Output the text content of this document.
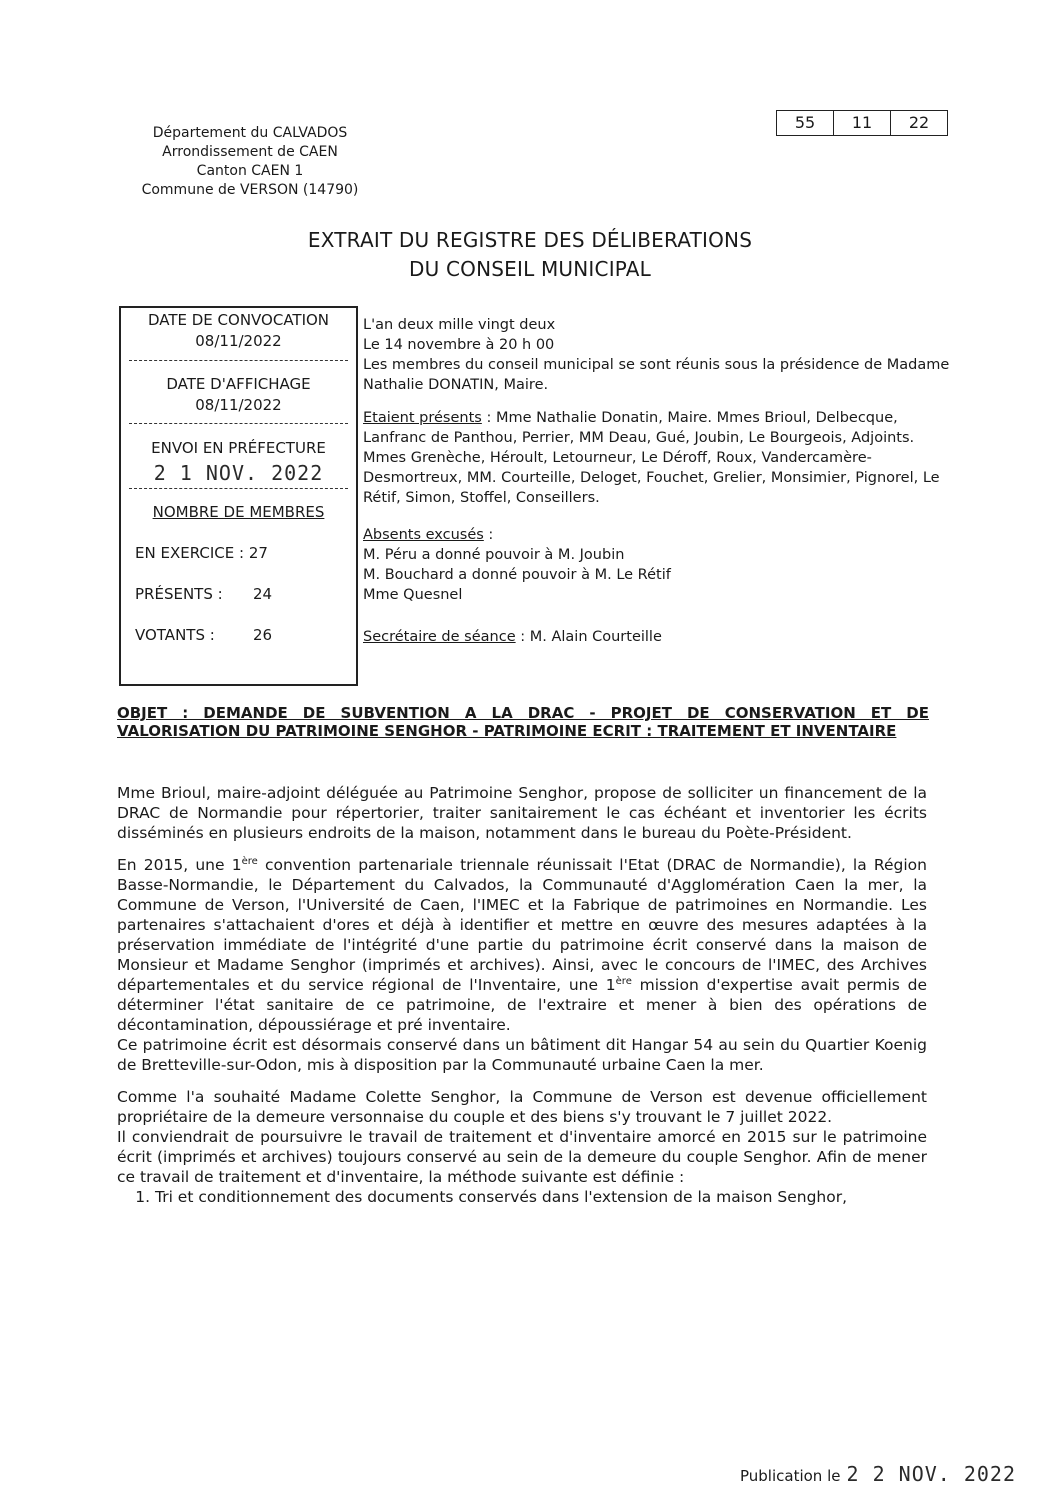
55	11	22
Département du CALVADOS
Arrondissement de CAEN
Canton CAEN 1
Commune de VERSON (14790)
EXTRAIT DU REGISTRE DES DÉLIBERATIONS
DU CONSEIL MUNICIPAL
DATE DE CONVOCATION
08/11/2022
DATE D'AFFICHAGE
08/11/2022
ENVOI EN PRÉFECTURE
2 1 NOV. 2022
NOMBRE DE MEMBRES
EN EXERCICE : 27
PRÉSENTS : 24
VOTANTS :	26

L'an deux mille vingt deux

Le 14 novembre à 20 h 00

Les membres du conseil municipal se sont réunis sous la présidence de Madame Nathalie DONATIN, Maire.

Etaient présents : Mme Nathalie Donatin, Maire. Mmes Brioul, Delbecque, Lanfranc de Panthou, Perrier, MM Deau, Gué, Joubin, Le Bourgeois, Adjoints. Mmes Grenèche, Héroult, Letourneur, Le Déroff, Roux, Vandercamère-Desmortreux, MM. Courteille, Deloget, Fouchet, Grelier, Monsimier, Pignorel, Le Rétif, Simon, Stoffel, Conseillers.

Absents excusés :

M. Péru a donné pouvoir à M. Joubin

M. Bouchard a donné pouvoir à M. Le Rétif

Mme Quesnel

Secrétaire de séance : M. Alain Courteille

OBJET : DEMANDE DE SUBVENTION A LA DRAC - PROJET DE CONSERVATION ET DE VALORISATION DU PATRIMOINE SENGHOR - PATRIMOINE ECRIT : TRAITEMENT ET INVENTAIRE

Mme Brioul, maire-adjoint déléguée au Patrimoine Senghor, propose de solliciter un financement de la DRAC de Normandie pour répertorier, traiter sanitairement le cas échéant et inventorier les écrits disséminés en plusieurs endroits de la maison, notamment dans le bureau du Poète-Président.

En 2015, une 1ère convention partenariale triennale réunissait l'Etat (DRAC de Normandie), la Région Basse-Normandie, le Département du Calvados, la Communauté d'Agglomération Caen la mer, la Commune de Verson, l'Université de Caen, l'IMEC et la Fabrique de patrimoines en Normandie. Les partenaires s'attachaient d'ores et déjà à identifier et mettre en œuvre des mesures adaptées à la préservation immédiate de l'intégrité d'une partie du patrimoine écrit conservé dans la maison de Monsieur et Madame Senghor (imprimés et archives). Ainsi, avec le concours de l'IMEC, des Archives départementales et du service régional de l'Inventaire, une 1ère mission d'expertise avait permis de déterminer l'état sanitaire de ce patrimoine, de l'extraire et mener à bien des opérations de décontamination, dépoussiérage et pré inventaire.

Ce patrimoine écrit est désormais conservé dans un bâtiment dit Hangar 54 au sein du Quartier Koenig de Bretteville-sur-Odon, mis à disposition par la Communauté urbaine Caen la mer.

Comme l'a souhaité Madame Colette Senghor, la Commune de Verson est devenue officiellement propriétaire de la demeure versonnaise du couple et des biens s'y trouvant le 7 juillet 2022.

Il conviendrait de poursuivre le travail de traitement et d'inventaire amorcé en 2015 sur le patrimoine écrit (imprimés et archives) toujours conservé au sein de la demeure du couple Senghor. Afin de mener ce travail de traitement et d'inventaire, la méthode suivante est définie :

1. Tri et conditionnement des documents conservés dans l'extension de la maison Senghor,
Publication le 2 2 NOV. 2022
